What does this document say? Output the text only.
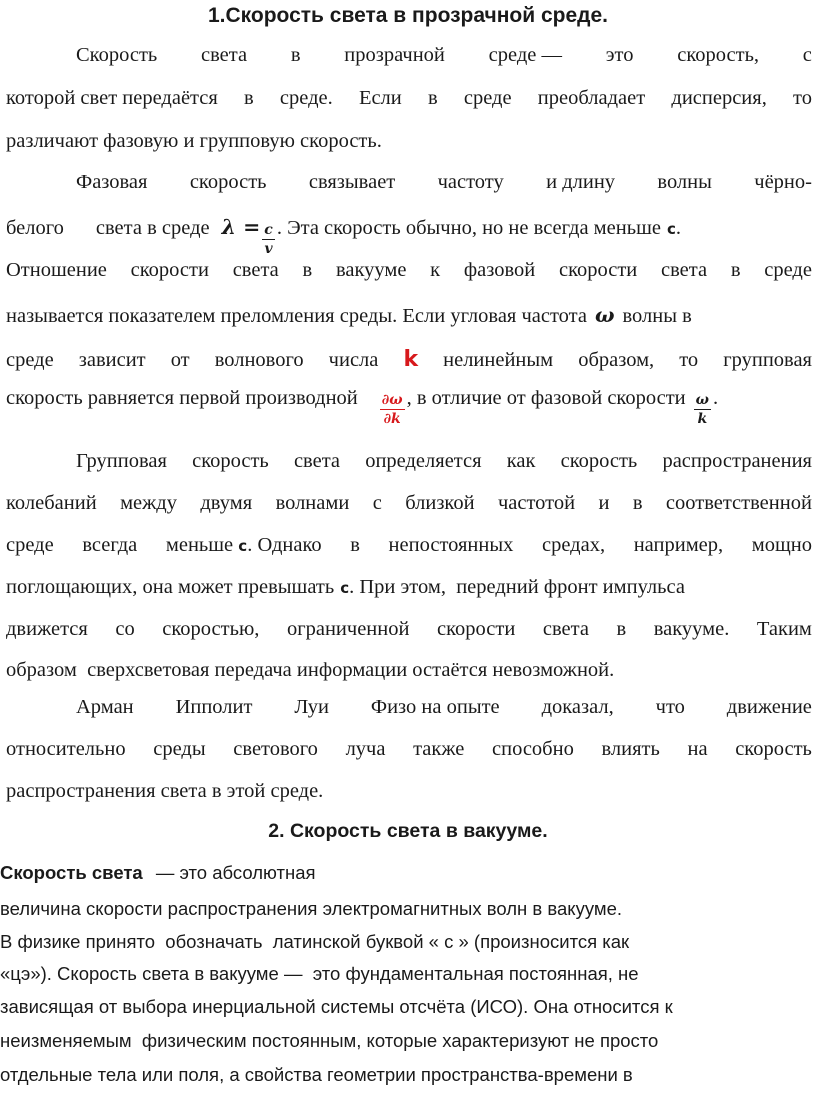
1.Скорость света в прозрачной среде.
Скорость света в прозрачной среде — это скорость, с
которой свет передаётся в среде. Если в среде преобладает дисперсия, то
различают фазовую и групповую скорость.
Фазовая скорость связывает частоту и длину волны чёрно-
белого света в среде $\lambda = \frac{c}{v}$ . Эта скорость обычно, но не всегда меньше c .
Отношение скорости света в вакууме к фазовой скорости света в среде
называется показателем преломления среды. Если угловая частота ω волны в
среде зависит от волнового числа k нелинейным образом, то групповая
скорость равняется первой производной $\frac{\partial\omega}{\partial k}$ , в отличие от фазовой скорости $\frac{\omega}{k}$ .
Групповая скорость света определяется как скорость распространения
колебаний между двумя волнами с близкой частотой и в соответственной
среде всегда меньше c. Однако в непостоянных средах, например, мощно
поглощающих, она может превышать c . При этом,  передний фронт импульса
движется со скоростью, ограниченной скорости света в вакууме. Таким
образом  сверхсветовая передача информации остаётся невозможной.
Арман Ипполит Луи Физо на опыте доказал, что движение
относительно среды светового луча также способно влиять на скорость
распространения света в этой среде.
2. Скорость света в вакууме.
Скорость света — это абсолютная
величина скорости распространения электромагнитных волн в вакууме.
В физике принято  обозначать  латинской буквой « c » (произносится как
«цэ»). Скорость света в вакууме —  это фундаментальная постоянная, не
зависящая от выбора инерциальной системы отсчёта (ИСО). Она относится к
неизменяемым  физическим постоянным, которые характеризуют не просто
отдельные тела или поля, а свойства геометрии пространства-времени в
